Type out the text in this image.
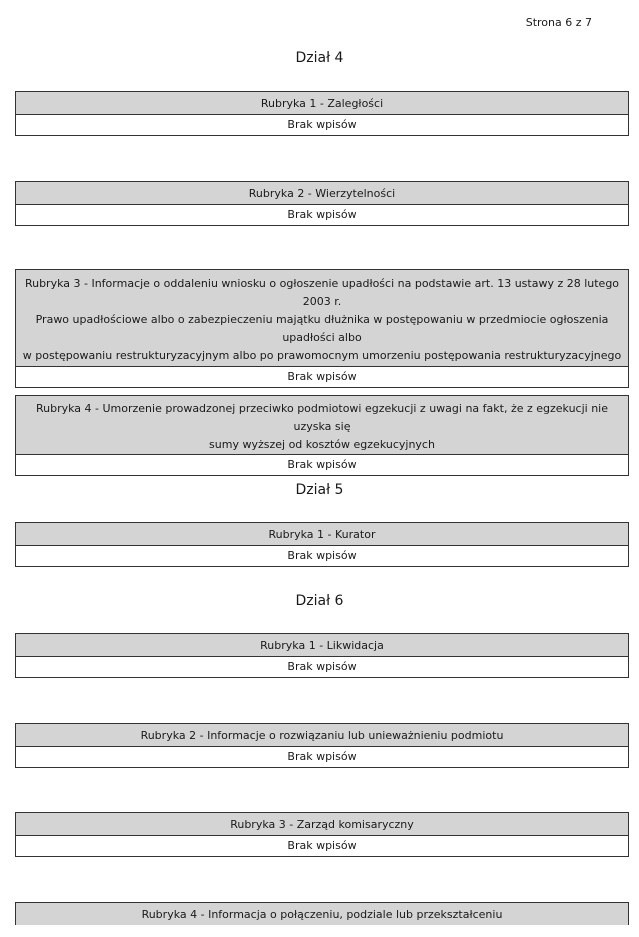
Strona 6 z 7
Dział 4
Rubryka 1 - Zaległości
Brak wpisów
Rubryka 2 - Wierzytelności
Brak wpisów
Rubryka 3 - Informacje o oddaleniu wniosku o ogłoszenie upadłości na podstawie art. 13 ustawy z 28 lutego 2003 r.
Prawo upadłościowe albo o zabezpieczeniu majątku dłużnika w postępowaniu w przedmiocie ogłoszenia upadłości albo
w postępowaniu restrukturyzacyjnym albo po prawomocnym umorzeniu postępowania restrukturyzacyjnego
Brak wpisów
Rubryka 4 - Umorzenie prowadzonej przeciwko podmiotowi egzekucji z uwagi na fakt, że z egzekucji nie uzyska się
sumy wyższej od kosztów egzekucyjnych
Brak wpisów
Dział 5
Rubryka 1 - Kurator
Brak wpisów
Dział 6
Rubryka 1 - Likwidacja
Brak wpisów
Rubryka 2 - Informacje o rozwiązaniu lub unieważnieniu podmiotu
Brak wpisów
Rubryka 3 - Zarząd komisaryczny
Brak wpisów
Rubryka 4 - Informacja o połączeniu, podziale lub przekształceniu
